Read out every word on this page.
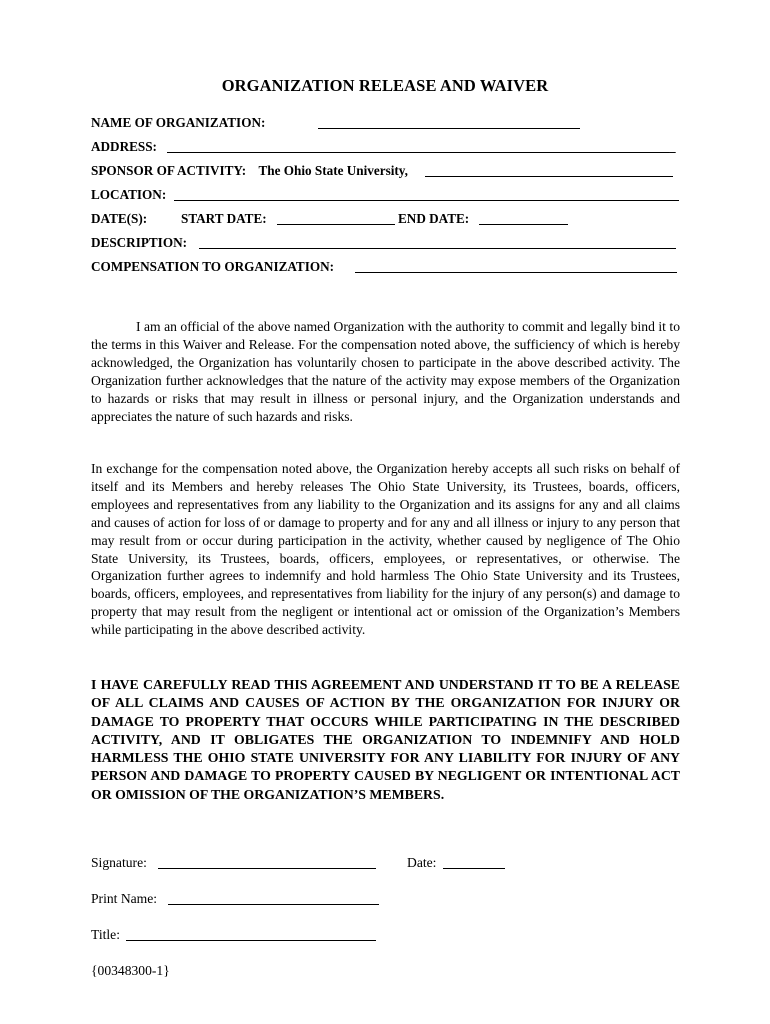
ORGANIZATION RELEASE AND WAIVER
NAME OF ORGANIZATION:
ADDRESS:	_
SPONSOR OF ACTIVITY: The Ohio State University,
LOCATION:
DATE(S):	START DATE:	END DATE:
DESCRIPTION:
COMPENSATION TO ORGANIZATION:

I am an official of the above named Organization with the authority to commit and legally bind it to the terms in this Waiver and Release. For the compensation noted above, the sufficiency of which is hereby acknowledged, the Organization has voluntarily chosen to participate in the above described activity. The Organization further acknowledges that the nature of the activity may expose members of the Organization to hazards or risks that may result in illness or personal injury, and the Organization understands and appreciates the nature of such hazards and risks.

In exchange for the compensation noted above, the Organization hereby accepts all such risks on behalf of itself and its Members and hereby releases The Ohio State University, its Trustees, boards, officers, employees and representatives from any liability to the Organization and its assigns for any and all claims and causes of action for loss of or damage to property and for any and all illness or injury to any person that may result from or occur during participation in the activity, whether caused by negligence of The Ohio State University, its Trustees, boards, officers, employees, or representatives, or otherwise. The Organization further agrees to indemnify and hold harmless The Ohio State University and its Trustees, boards, officers, employees, and representatives from liability for the injury of any person(s) and damage to property that may result from the negligent or intentional act or omission of the Organization’s Members while participating in the above described activity.

I HAVE CAREFULLY READ THIS AGREEMENT AND UNDERSTAND IT TO BE A RELEASE OF ALL CLAIMS AND CAUSES OF ACTION BY THE ORGANIZATION FOR INJURY OR DAMAGE TO PROPERTY THAT OCCURS WHILE PARTICIPATING IN THE DESCRIBED ACTIVITY, AND IT OBLIGATES THE ORGANIZATION TO INDEMNIFY AND HOLD HARMLESS THE OHIO STATE UNIVERSITY FOR ANY LIABILITY FOR INJURY OF ANY PERSON AND DAMAGE TO PROPERTY CAUSED BY NEGLIGENT OR INTENTIONAL ACT OR OMISSION OF THE ORGANIZATION’S MEMBERS.

Signature:	Date:
Print Name:
Title:
{00348300-1}
